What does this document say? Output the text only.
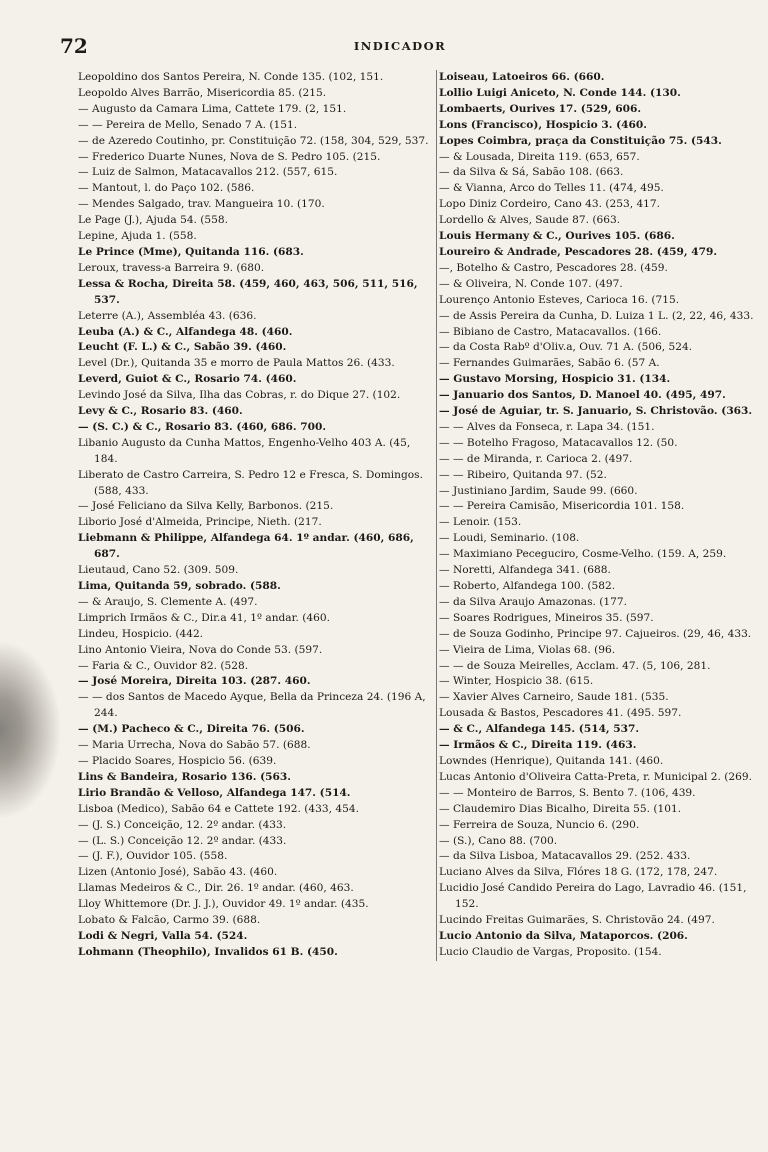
72	INDICADOR

Leopoldino dos Santos Pereira, N. Conde 135. (102, 151.

Leopoldo Alves Barrão, Misericordia 85. (215.

— Augusto da Camara Lima, Cattete 179. (2, 151.

— — Pereira de Mello, Senado 7 A. (151.

— de Azeredo Coutinho, pr. Constituição 72. (158, 304, 529, 537.

— Frederico Duarte Nunes, Nova de S. Pedro 105. (215.

— Luiz de Salmon, Matacavallos 212. (557, 615.

— Mantout, l. do Paço 102. (586.

— Mendes Salgado, trav. Mangueira 10. (170.

Le Page (J.), Ajuda 54. (558.

Lepine, Ajuda 1. (558.

Le Prince (Mme), Quitanda 116. (683.

Leroux, travess-a Barreira 9. (680.

Lessa & Rocha, Direita 58. (459, 460, 463, 506, 511, 516, 537.

Leterre (A.), Assembléa 43. (636.

Leuba (A.) & C., Alfandega 48. (460.

Leucht (F. L.) & C., Sabão 39. (460.

Level (Dr.), Quitanda 35 e morro de Paula Mattos 26. (433.

Leverd, Guiot & C., Rosario 74. (460.

Levindo José da Silva, Ilha das Cobras, r. do Dique 27. (102.

Levy & C., Rosario 83. (460.

— (S. C.) & C., Rosario 83. (460, 686. 700.

Libanio Augusto da Cunha Mattos, Engenho-Velho 403 A. (45, 184.

Liberato de Castro Carreira, S. Pedro 12 e Fresca, S. Domingos. (588, 433.

— José Feliciano da Silva Kelly, Barbonos. (215.

Liborio José d'Almeida, Principe, Nieth. (217.

Liebmann & Philippe, Alfandega 64. 1º andar. (460, 686, 687.

Lieutaud, Cano 52. (309. 509.

Lima, Quitanda 59, sobrado. (588.

— & Araujo, S. Clemente A. (497.

Limprich Irmãos & C., Dir.a 41, 1º andar. (460.

Lindeu, Hospicio. (442.

Lino Antonio Vieira, Nova do Conde 53. (597.

— Faria & C., Ouvidor 82. (528.

— José Moreira, Direita 103. (287. 460.

— — dos Santos de Macedo Ayque, Bella da Princeza 24. (196 A, 244.

— (M.) Pacheco & C., Direita 76. (506.

— Maria Urrecha, Nova do Sabão 57. (688.

— Placido Soares, Hospicio 56. (639.

Lins & Bandeira, Rosario 136. (563.

Lirio Brandão & Velloso, Alfandega 147. (514.

Lisboa (Medico), Sabão 64 e Cattete 192. (433, 454.

— (J. S.) Conceição, 12. 2º andar. (433.

— (L. S.) Conceição 12. 2º andar. (433.

— (J. F.), Ouvidor 105. (558.

Lizen (Antonio José), Sabão 43. (460.

Llamas Medeiros & C., Dir. 26. 1º andar. (460, 463.

Lloy Whittemore (Dr. J. J.), Ouvidor 49. 1º andar. (435.

Lobato & Falcão, Carmo 39. (688.

Lodi & Negri, Valla 54. (524.

Lohmann (Theophilo), Invalidos 61 B. (450.

Loiseau, Latoeiros 66. (660.

Lollio Luigi Aniceto, N. Conde 144. (130.

Lombaerts, Ourives 17. (529, 606.

Lons (Francisco), Hospicio 3. (460.

Lopes Coimbra, praça da Constituição 75. (543.

— & Lousada, Direita 119. (653, 657.

— da Silva & Sá, Sabão 108. (663.

— & Vianna, Arco do Telles 11. (474, 495.

Lopo Diniz Cordeiro, Cano 43. (253, 417.

Lordello & Alves, Saude 87. (663.

Louis Hermany & C., Ourives 105. (686.

Loureiro & Andrade, Pescadores 28. (459, 479.

—, Botelho & Castro, Pescadores 28. (459.

— & Oliveira, N. Conde 107. (497.

Lourenço Antonio Esteves, Carioca 16. (715.

— de Assis Pereira da Cunha, D. Luiza 1 L. (2, 22, 46, 433.

— Bibiano de Castro, Matacavallos. (166.

— da Costa Rabº d'Oliv.a, Ouv. 71 A. (506, 524.

— Fernandes Guimarães, Sabão 6. (57 A.

— Gustavo Morsing, Hospicio 31. (134.

— Januario dos Santos, D. Manoel 40. (495, 497.

— José de Aguiar, tr. S. Januario, S. Christovão. (363.

— — Alves da Fonseca, r. Lapa 34. (151.

— — Botelho Fragoso, Matacavallos 12. (50.

— — de Miranda, r. Carioca 2. (497.

— — Ribeiro, Quitanda 97. (52.

— Justiniano Jardim, Saude 99. (660.

— — Pereira Camisão, Misericordia 101. 158.

— Lenoir. (153.

— Loudi, Seminario. (108.

— Maximiano Peceguciro, Cosme-Velho. (159. A, 259.

— Noretti, Alfandega 341. (688.

— Roberto, Alfandega 100. (582.

— da Silva Araujo Amazonas. (177.

— Soares Rodrigues, Mineiros 35. (597.

— de Souza Godinho, Principe 97. Cajueiros. (29, 46, 433.

— Vieira de Lima, Violas 68. (96.

— — de Souza Meirelles, Acclam. 47. (5, 106, 281.

— Winter, Hospicio 38. (615.

— Xavier Alves Carneiro, Saude 181. (535.

Lousada & Bastos, Pescadores 41. (495. 597.

— & C., Alfandega 145. (514, 537.

— Irmãos & C., Direita 119. (463.

Lowndes (Henrique), Quitanda 141. (460.

Lucas Antonio d'Oliveira Catta-Preta, r. Municipal 2. (269.

— — Monteiro de Barros, S. Bento 7. (106, 439.

— Claudemiro Dias Bicalho, Direita 55. (101.

— Ferreira de Souza, Nuncio 6. (290.

— (S.), Cano 88. (700.

— da Silva Lisboa, Matacavallos 29. (252. 433.

Luciano Alves da Silva, Flóres 18 G. (172, 178, 247.

Lucidio José Candido Pereira do Lago, Lavradio 46. (151, 152.

Lucindo Freitas Guimarães, S. Christovão 24. (497.

Lucio Antonio da Silva, Mataporcos. (206.

Lucio Claudio de Vargas, Proposito. (154.
